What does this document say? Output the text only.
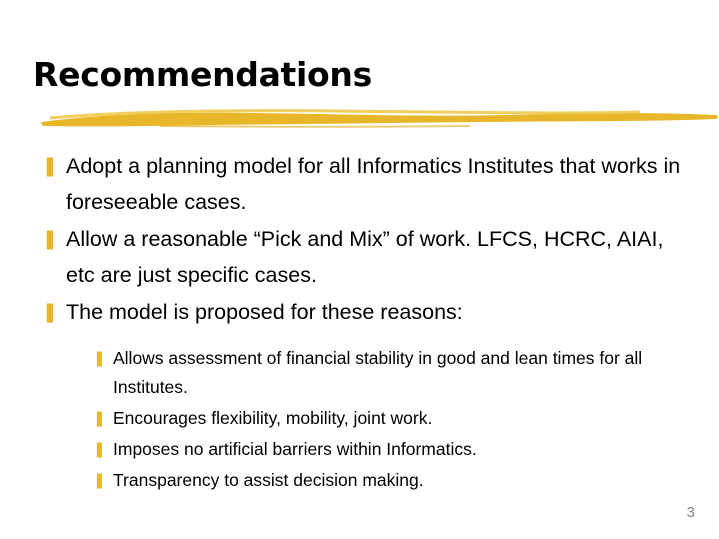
Recommendations
❚ Adopt a planning model for all Informatics Institutes that works in foreseeable cases.
❚ Allow a reasonable “Pick and Mix” of work. LFCS, HCRC, AIAI, etc are just specific cases.
❚ The model is proposed for these reasons:
❚ Allows assessment of financial stability in good and lean times for all Institutes.
❚ Encourages flexibility, mobility, joint work.
❚ Imposes no artificial barriers within Informatics.
❚ Transparency to assist decision making.
3
